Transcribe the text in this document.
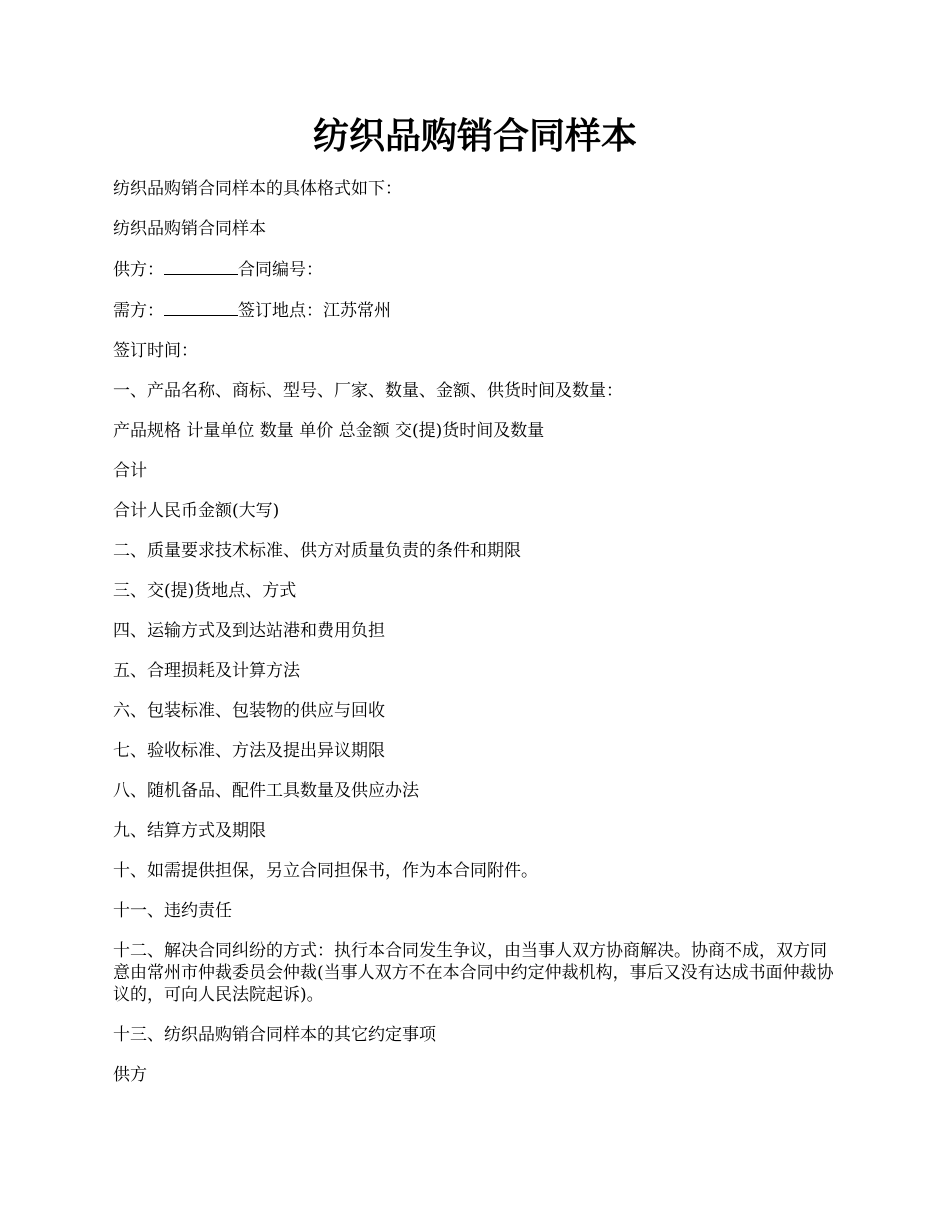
纺织品购销合同样本

纺织品购销合同样本的具体格式如下：

纺织品购销合同样本

供方：	合同编号：

需方：	签订地点：江苏常州

签订时间：

一、产品名称、商标、型号、厂家、数量、金额、供货时间及数量：

产品规格 计量单位 数量 单价 总金额 交(提)货时间及数量

合计

合计人民币金额(大写)

二、质量要求技术标准、供方对质量负责的条件和期限

三、交(提)货地点、方式

四、运输方式及到达站港和费用负担

五、合理损耗及计算方法

六、包装标准、包装物的供应与回收

七、验收标准、方法及提出异议期限

八、随机备品、配件工具数量及供应办法

九、结算方式及期限

十、如需提供担保，另立合同担保书，作为本合同附件。

十一、违约责任

十二、解决合同纠纷的方式：执行本合同发生争议，由当事人双方协商解决。协商不成，双方同意由常州市仲裁委员会仲裁(当事人双方不在本合同中约定仲裁机构，事后又没有达成书面仲裁协议的，可向人民法院起诉)。

十三、纺织品购销合同样本的其它约定事项

供方
